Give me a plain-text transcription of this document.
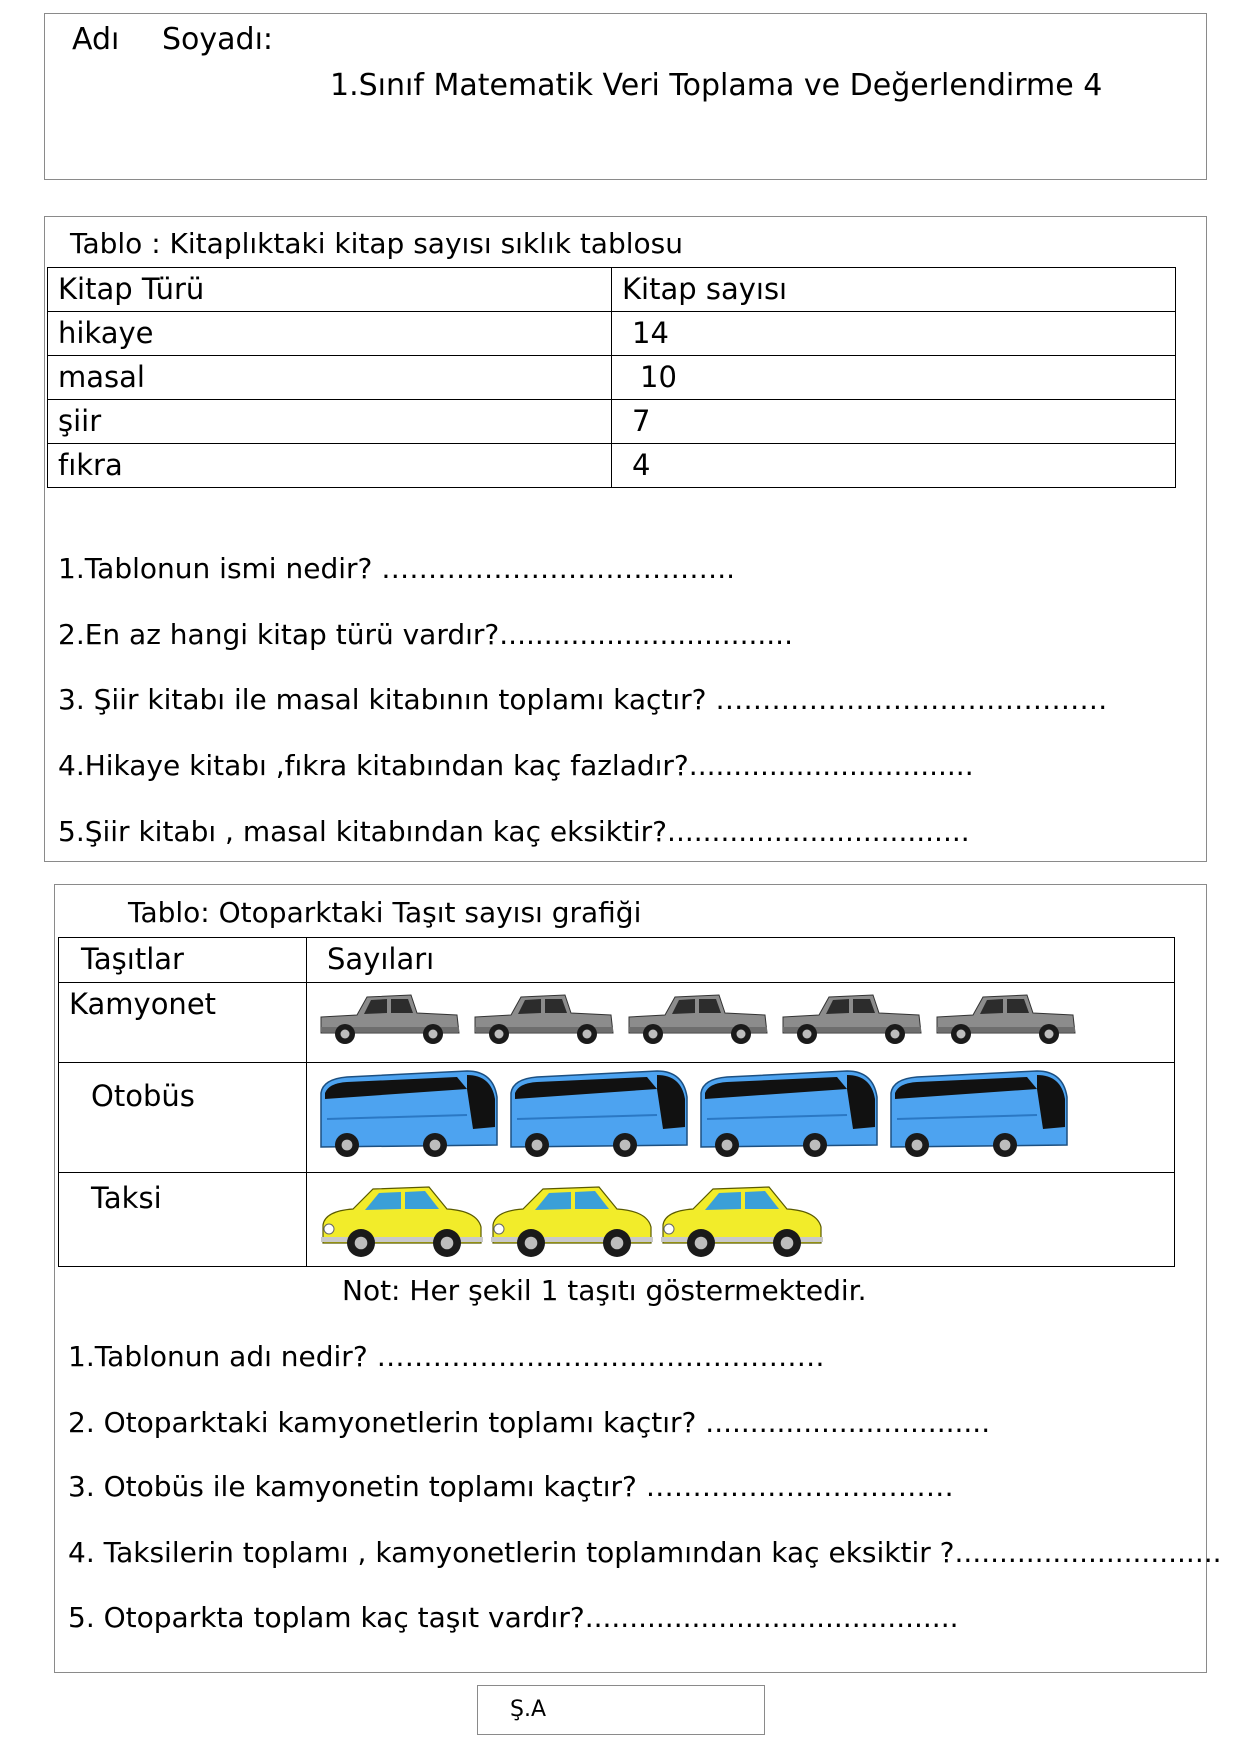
Adı Soyadı:
1.Sınıf Matematik Veri Toplama ve Değerlendirme 4
Tablo : Kitaplıktaki kitap sayısı sıklık tablosu
Kitap Türü	Kitap sayısı
hikaye	14
masal	10
şiir	7
fıkra	4
1.Tablonun ismi nedir? ………………………………..
2.En az hangi kitap türü vardır?.................................
3. Şiir kitabı ile masal kitabının toplamı kaçtır? ……………………………………
4.Hikaye kitabı ,fıkra kitabından kaç fazladır?................................
5.Şiir kitabı , masal kitabından kaç eksiktir?..................................
Tablo: Otoparktaki Taşıt sayısı grafiği
Taşıtlar	Sayıları
Kamyonet	

Otobüs	

Taksi	
Not: Her şekil 1 taşıtı göstermektedir.
1.Tablonun adı nedir? …………………………………………
2. Otoparktaki kamyonetlerin toplamı kaçtır? ................................
3. Otobüs ile kamyonetin toplamı kaçtır? ……………………………
4. Taksilerin toplamı , kamyonetlerin toplamından kaç eksiktir ?..............................
5. Otoparkta toplam kaç taşıt vardır?..........................................
Ş.A
